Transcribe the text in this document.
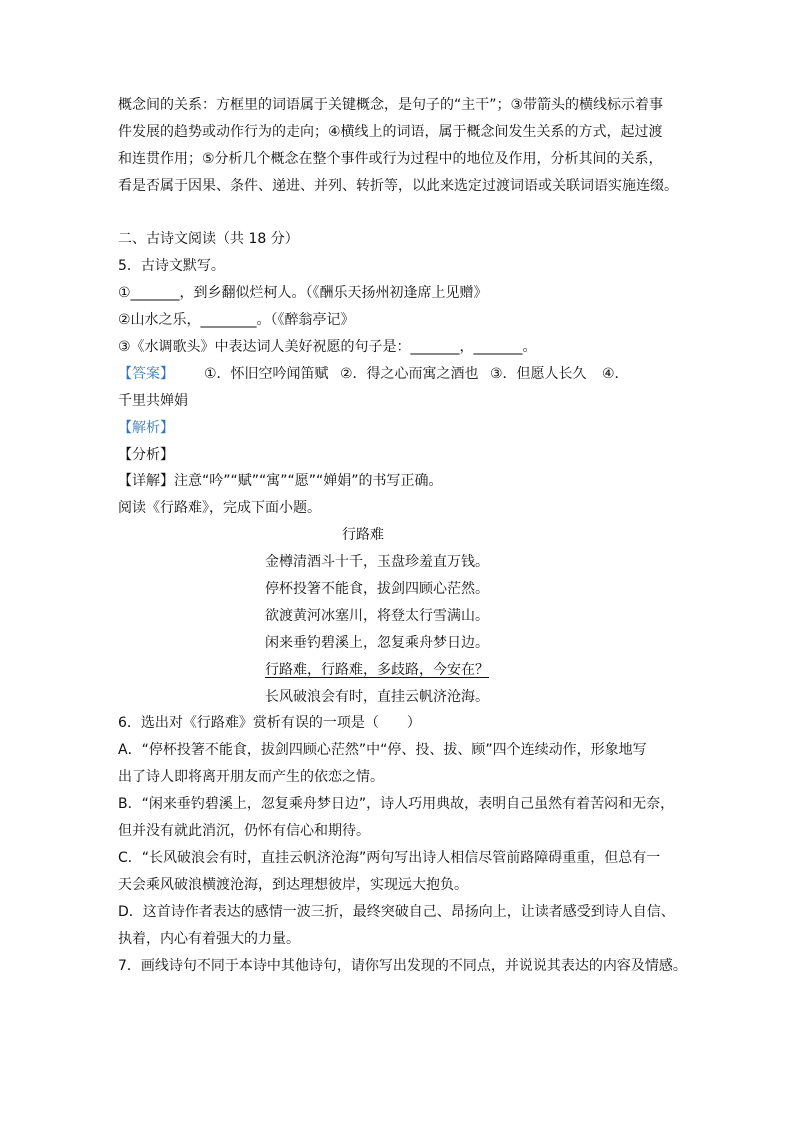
概念间的关系：方框里的词语属于关键概念，是句子的“主干”；③带箭头的横线标示着事
件发展的趋势或动作行为的走向；④横线上的词语，属于概念间发生关系的方式，起过渡
和连贯作用；⑤分析几个概念在整个事件或行为过程中的地位及作用，分析其间的关系，
看是否属于因果、条件、递进、并列、转折等，以此来选定过渡词语或关联词语实施连缀。
二、古诗文阅读（共 18 分）
5．古诗文默写。
①_______，到乡翻似烂柯人。（《酬乐天扬州初逢席上见赠》
②山水之乐，________。（《醉翁亭记》
③《水调歌头》中表达词人美好祝愿的句子是：_______，_______。
【答案】 ①．怀旧空吟闻笛赋 ②．得之心而寓之酒也 ③．但愿人长久 ④．
千里共婵娟
【解析】
【分析】
【详解】注意“吟”“赋”“寓”“愿”“婵娟”的书写正确。
阅读《行路难》，完成下面小题。
行路难
金樽清酒斗十千，玉盘珍羞直万钱。
停杯投箸不能食，拔剑四顾心茫然。
欲渡黄河冰塞川，将登太行雪满山。
闲来垂钓碧溪上，忽复乘舟梦日边。
行路难，行路难，多歧路，今安在？
长风破浪会有时，直挂云帆济沧海。
6．选出对《行路难》赏析有误的一项是（　　）
A．“停杯投箸不能食，拔剑四顾心茫然”中“停、投、拔、顾”四个连续动作，形象地写
出了诗人即将离开朋友而产生的依恋之情。
B．“闲来垂钓碧溪上，忽复乘舟梦日边”，诗人巧用典故，表明自己虽然有着苦闷和无奈，
但并没有就此消沉，仍怀有信心和期待。
C．“长风破浪会有时，直挂云帆济沧海”两句写出诗人相信尽管前路障碍重重，但总有一
天会乘风破浪横渡沧海，到达理想彼岸，实现远大抱负。
D．这首诗作者表达的感情一波三折，最终突破自己、昂扬向上，让读者感受到诗人自信、
执着，内心有着强大的力量。
7．画线诗句不同于本诗中其他诗句，请你写出发现的不同点，并说说其表达的内容及情感。
